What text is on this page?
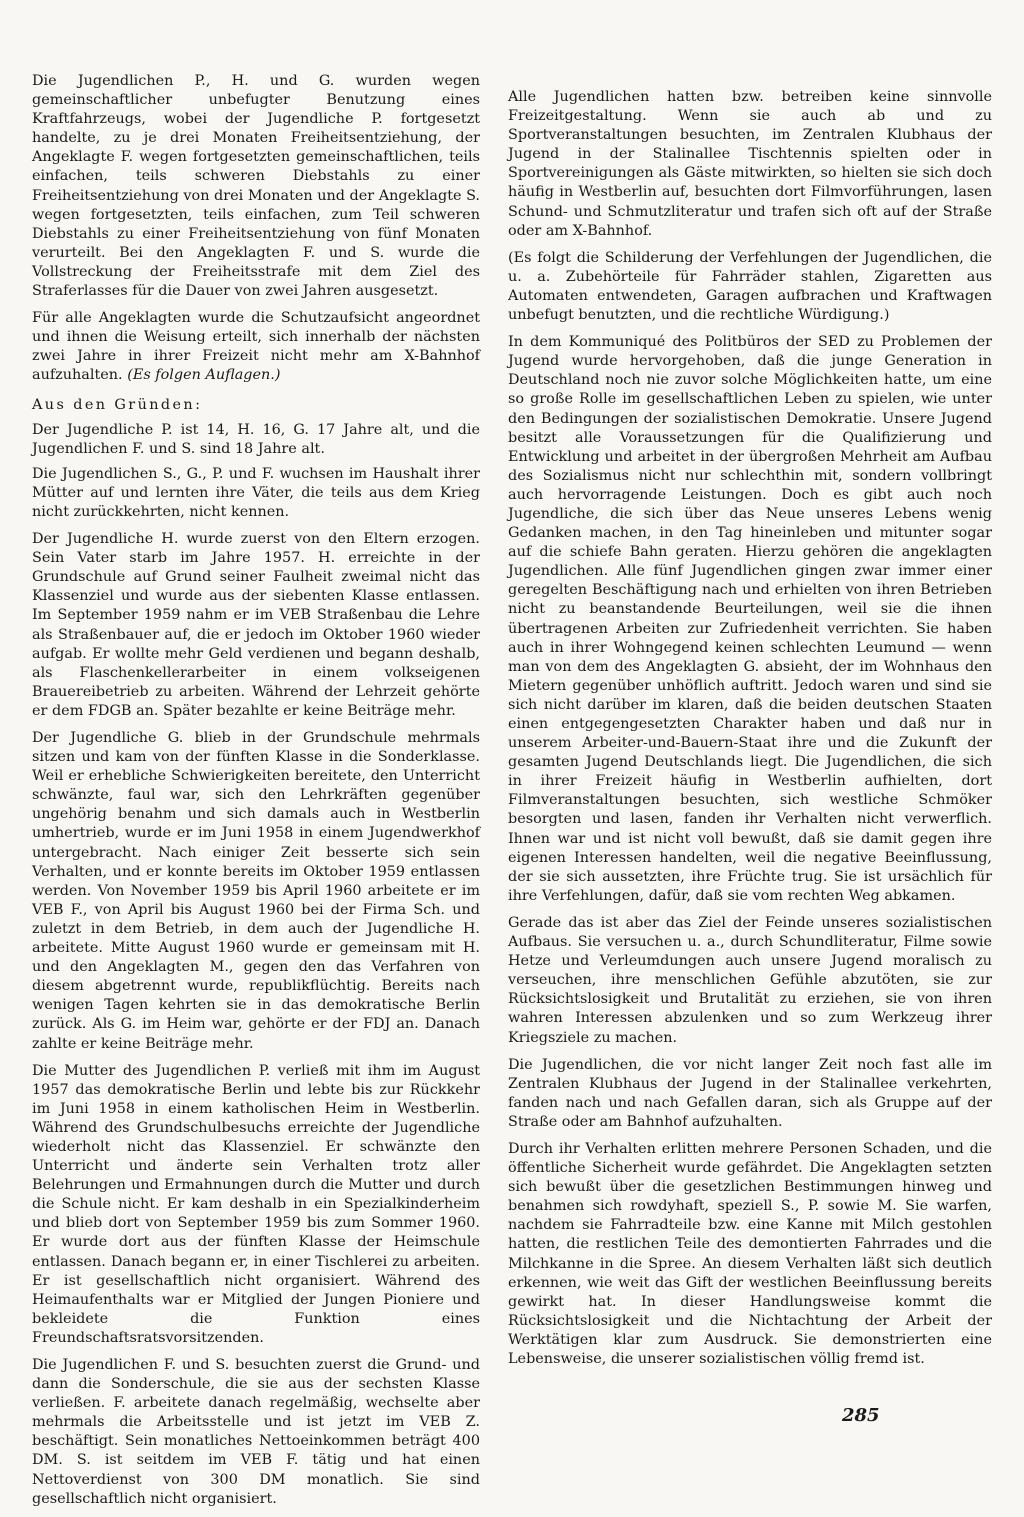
Die Jugendlichen P., H. und G. wurden wegen gemeinschaftlicher unbefugter Benutzung eines Kraftfahrzeugs, wobei der Jugendliche P. fortgesetzt handelte, zu je drei Monaten Freiheitsentziehung, der Angeklagte F. wegen fortgesetzten gemeinschaftlichen, teils einfachen, teils schweren Diebstahls zu einer Freiheitsentziehung von drei Monaten und der Angeklagte S. wegen fortgesetzten, teils einfachen, zum Teil schweren Diebstahls zu einer Freiheitsentziehung von fünf Monaten verurteilt. Bei den Angeklagten F. und S. wurde die Vollstreckung der Freiheitsstrafe mit dem Ziel des Straferlasses für die Dauer von zwei Jahren ausgesetzt.

Für alle Angeklagten wurde die Schutzaufsicht angeordnet und ihnen die Weisung erteilt, sich innerhalb der nächsten zwei Jahre in ihrer Freizeit nicht mehr am X-Bahnhof aufzuhalten. (Es folgen Auflagen.)

Aus den Gründen:

Der Jugendliche P. ist 14, H. 16, G. 17 Jahre alt, und die Jugendlichen F. und S. sind 18 Jahre alt.

Die Jugendlichen S., G., P. und F. wuchsen im Haushalt ihrer Mütter auf und lernten ihre Väter, die teils aus dem Krieg nicht zurückkehrten, nicht kennen.

Der Jugendliche H. wurde zuerst von den Eltern erzogen. Sein Vater starb im Jahre 1957. H. erreichte in der Grundschule auf Grund seiner Faulheit zweimal nicht das Klassenziel und wurde aus der siebenten Klasse entlassen. Im September 1959 nahm er im VEB Straßenbau die Lehre als Straßenbauer auf, die er jedoch im Oktober 1960 wieder aufgab. Er wollte mehr Geld verdienen und begann deshalb, als Flaschenkellerarbeiter in einem volkseigenen Brauereibetrieb zu arbeiten. Während der Lehrzeit gehörte er dem FDGB an. Später bezahlte er keine Beiträge mehr.

Der Jugendliche G. blieb in der Grundschule mehrmals sitzen und kam von der fünften Klasse in die Sonderklasse. Weil er erhebliche Schwierigkeiten bereitete, den Unterricht schwänzte, faul war, sich den Lehrkräften gegenüber ungehörig benahm und sich damals auch in Westberlin umhertrieb, wurde er im Juni 1958 in einem Jugendwerkhof untergebracht. Nach einiger Zeit besserte sich sein Verhalten, und er konnte bereits im Oktober 1959 entlassen werden. Von November 1959 bis April 1960 arbeitete er im VEB F., von April bis August 1960 bei der Firma Sch. und zuletzt in dem Betrieb, in dem auch der Jugendliche H. arbeitete. Mitte August 1960 wurde er gemeinsam mit H. und den Angeklagten M., gegen den das Verfahren von diesem abgetrennt wurde, republikflüchtig. Bereits nach wenigen Tagen kehrten sie in das demokratische Berlin zurück. Als G. im Heim war, gehörte er der FDJ an. Danach zahlte er keine Beiträge mehr.

Die Mutter des Jugendlichen P. verließ mit ihm im August 1957 das demokratische Berlin und lebte bis zur Rückkehr im Juni 1958 in einem katholischen Heim in Westberlin. Während des Grundschulbesuchs erreichte der Jugendliche wiederholt nicht das Klassenziel. Er schwänzte den Unterricht und änderte sein Verhalten trotz aller Belehrungen und Ermahnungen durch die Mutter und durch die Schule nicht. Er kam deshalb in ein Spezialkinderheim und blieb dort von September 1959 bis zum Sommer 1960. Er wurde dort aus der fünften Klasse der Heimschule entlassen. Danach begann er, in einer Tischlerei zu arbeiten. Er ist gesellschaftlich nicht organisiert. Während des Heimaufenthalts war er Mitglied der Jungen Pioniere und bekleidete die Funktion eines Freundschaftsratsvorsitzenden.

Die Jugendlichen F. und S. besuchten zuerst die Grund- und dann die Sonderschule, die sie aus der sechsten Klasse verließen. F. arbeitete danach regelmäßig, wechselte aber mehrmals die Arbeitsstelle und ist jetzt im VEB Z. beschäftigt. Sein monatliches Nettoeinkommen beträgt 400 DM. S. ist seitdem im VEB F. tätig und hat einen Nettoverdienst von 300 DM monatlich. Sie sind gesellschaftlich nicht organisiert.

Alle Jugendlichen hatten bzw. betreiben keine sinnvolle Freizeitgestaltung. Wenn sie auch ab und zu Sportveranstaltungen besuchten, im Zentralen Klubhaus der Jugend in der Stalinallee Tischtennis spielten oder in Sportvereinigungen als Gäste mitwirkten, so hielten sie sich doch häufig in Westberlin auf, besuchten dort Filmvorführungen, lasen Schund- und Schmutzliteratur und trafen sich oft auf der Straße oder am X-Bahnhof.

(Es folgt die Schilderung der Verfehlungen der Jugendlichen, die u. a. Zubehörteile für Fahrräder stahlen, Zigaretten aus Automaten entwendeten, Garagen aufbrachen und Kraftwagen unbefugt benutzten, und die rechtliche Würdigung.)

In dem Kommuniqué des Politbüros der SED zu Problemen der Jugend wurde hervorgehoben, daß die junge Generation in Deutschland noch nie zuvor solche Möglichkeiten hatte, um eine so große Rolle im gesellschaftlichen Leben zu spielen, wie unter den Bedingungen der sozialistischen Demokratie. Unsere Jugend besitzt alle Voraussetzungen für die Qualifizierung und Entwicklung und arbeitet in der übergroßen Mehrheit am Aufbau des Sozialismus nicht nur schlechthin mit, sondern vollbringt auch hervorragende Leistungen. Doch es gibt auch noch Jugendliche, die sich über das Neue unseres Lebens wenig Gedanken machen, in den Tag hineinleben und mitunter sogar auf die schiefe Bahn geraten. Hierzu gehören die angeklagten Jugendlichen. Alle fünf Jugendlichen gingen zwar immer einer geregelten Beschäftigung nach und erhielten von ihren Betrieben nicht zu beanstandende Beurteilungen, weil sie die ihnen übertragenen Arbeiten zur Zufriedenheit verrichten. Sie haben auch in ihrer Wohngegend keinen schlechten Leumund — wenn man von dem des Angeklagten G. absieht, der im Wohnhaus den Mietern gegenüber unhöflich auftritt. Jedoch waren und sind sie sich nicht darüber im klaren, daß die beiden deutschen Staaten einen entgegengesetzten Charakter haben und daß nur in unserem Arbeiter-und-Bauern-Staat ihre und die Zukunft der gesamten Jugend Deutschlands liegt. Die Jugendlichen, die sich in ihrer Freizeit häufig in Westberlin aufhielten, dort Filmveranstaltungen besuchten, sich westliche Schmöker besorgten und lasen, fanden ihr Verhalten nicht verwerflich. Ihnen war und ist nicht voll bewußt, daß sie damit gegen ihre eigenen Interessen handelten, weil die negative Beeinflussung, der sie sich aussetzten, ihre Früchte trug. Sie ist ursächlich für ihre Verfehlungen, dafür, daß sie vom rechten Weg abkamen.

Gerade das ist aber das Ziel der Feinde unseres sozialistischen Aufbaus. Sie versuchen u. a., durch Schundliteratur, Filme sowie Hetze und Verleumdungen auch unsere Jugend moralisch zu verseuchen, ihre menschlichen Gefühle abzutöten, sie zur Rücksichtslosigkeit und Brutalität zu erziehen, sie von ihren wahren Interessen abzulenken und so zum Werkzeug ihrer Kriegsziele zu machen.

Die Jugendlichen, die vor nicht langer Zeit noch fast alle im Zentralen Klubhaus der Jugend in der Stalinallee verkehrten, fanden nach und nach Gefallen daran, sich als Gruppe auf der Straße oder am Bahnhof aufzuhalten.

Durch ihr Verhalten erlitten mehrere Personen Schaden, und die öffentliche Sicherheit wurde gefährdet. Die Angeklagten setzten sich bewußt über die gesetzlichen Bestimmungen hinweg und benahmen sich rowdyhaft, speziell S., P. sowie M. Sie warfen, nachdem sie Fahrradteile bzw. eine Kanne mit Milch gestohlen hatten, die restlichen Teile des demontierten Fahrrades und die Milchkanne in die Spree. An diesem Verhalten läßt sich deutlich erkennen, wie weit das Gift der westlichen Beeinflussung bereits gewirkt hat. In dieser Handlungsweise kommt die Rücksichtslosigkeit und die Nichtachtung der Arbeit der Werktätigen klar zum Ausdruck. Sie demonstrierten eine Lebensweise, die unserer sozialistischen völlig fremd ist.

285
